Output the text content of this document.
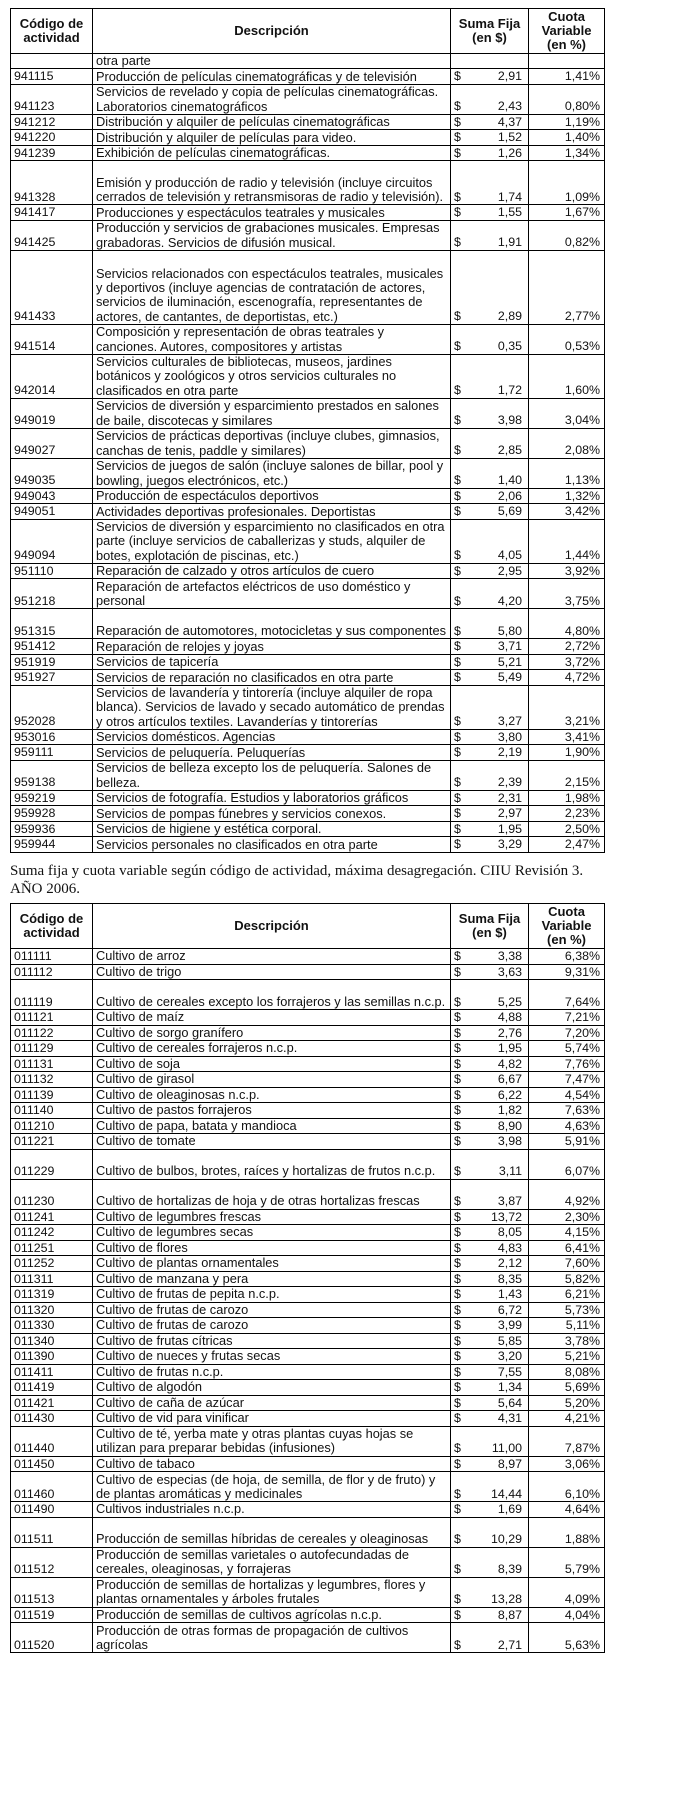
Código de actividad	Descripción	Suma Fija (en $)		Cuota Variable (en %)
	otra parte			
941115	Producción de películas cinematográficas y de televisión	$	2,91	1,41%
941123	Servicios de revelado y copia de películas cinematográficas. Laboratorios cinematográficos	$	2,43	0,80%
941212	Distribución y alquiler de películas cinematográficas	$	4,37	1,19%
941220	Distribución y alquiler de películas para video.	$	1,52	1,40%
941239	Exhibición de películas cinematográficas.	$	1,26	1,34%
941328	Emisión y producción de radio y televisión (incluye circuitos cerrados de televisión y retransmisoras de radio y televisión).	$	1,74	1,09%
941417	Producciones y espectáculos teatrales y musicales	$	1,55	1,67%
941425	Producción y servicios de grabaciones musicales. Empresas grabadoras. Servicios de difusión musical.	$	1,91	0,82%
941433	Servicios relacionados con espectáculos teatrales, musicales y deportivos (incluye agencias de contratación de actores, servicios de iluminación, escenografía, representantes de actores, de cantantes, de deportistas, etc.)	$	2,89	2,77%
941514	Composición y representación de obras teatrales y canciones. Autores, compositores y artistas	$	0,35	0,53%
942014	Servicios culturales de bibliotecas, museos, jardines botánicos y zoológicos y otros servicios culturales no clasificados en otra parte	$	1,72	1,60%
949019	Servicios de diversión y esparcimiento prestados en salones de baile, discotecas y similares	$	3,98	3,04%
949027	Servicios de prácticas deportivas (incluye clubes, gimnasios, canchas de tenis, paddle y similares)	$	2,85	2,08%
949035	Servicios de juegos de salón (incluye salones de billar, pool y bowling, juegos electrónicos, etc.)	$	1,40	1,13%
949043	Producción de espectáculos deportivos	$	2,06	1,32%
949051	Actividades deportivas profesionales. Deportistas	$	5,69	3,42%
949094	Servicios de diversión y esparcimiento no clasificados en otra parte (incluye servicios de caballerizas y studs, alquiler de botes, explotación de piscinas, etc.)	$	4,05	1,44%
951110	Reparación de calzado y otros artículos de cuero	$	2,95	3,92%
951218	Reparación de artefactos eléctricos de uso doméstico y personal	$	4,20	3,75%
951315	Reparación de automotores, motocicletas y sus componentes	$	5,80	4,80%
951412	Reparación de relojes y joyas	$	3,71	2,72%
951919	Servicios de tapicería	$	5,21	3,72%
951927	Servicios de reparación no clasificados en otra parte	$	5,49	4,72%
952028	Servicios de lavandería y tintorería (incluye alquiler de ropa blanca). Servicios de lavado y secado automático de prendas y otros artículos textiles. Lavanderías y tintorerías	$	3,27	3,21%
953016	Servicios domésticos. Agencias	$	3,80	3,41%
959111	Servicios de peluquería. Peluquerías	$	2,19	1,90%
959138	Servicios de belleza excepto los de peluquería. Salones de belleza.	$	2,39	2,15%
959219	Servicios de fotografía. Estudios y laboratorios gráficos	$	2,31	1,98%
959928	Servicios de pompas fúnebres y servicios conexos.	$	2,97	2,23%
959936	Servicios de higiene y estética corporal.	$	1,95	2,50%
959944	Servicios personales no clasificados en otra parte	$	3,29	2,47%
Suma fija y cuota variable según código de actividad, máxima desagregación. CIIU Revisión 3. AÑO 2006.
Código de actividad	Descripción	Suma Fija (en $)		Cuota Variable (en %)
011111	Cultivo de arroz	$	3,38	6,38%
011112	Cultivo de trigo	$	3,63	9,31%
011119	Cultivo de cereales excepto los forrajeros y las semillas n.c.p.	$	5,25	7,64%
011121	Cultivo de maíz	$	4,88	7,21%
011122	Cultivo de sorgo granífero	$	2,76	7,20%
011129	Cultivo de cereales forrajeros n.c.p.	$	1,95	5,74%
011131	Cultivo de soja	$	4,82	7,76%
011132	Cultivo de girasol	$	6,67	7,47%
011139	Cultivo de oleaginosas n.c.p.	$	6,22	4,54%
011140	Cultivo de pastos forrajeros	$	1,82	7,63%
011210	Cultivo de papa, batata y mandioca	$	8,90	4,63%
011221	Cultivo de tomate	$	3,98	5,91%
011229	Cultivo de bulbos, brotes, raíces y hortalizas de frutos n.c.p.	$	3,11	6,07%
011230	Cultivo de hortalizas de hoja y de otras hortalizas frescas	$	3,87	4,92%
011241	Cultivo de legumbres frescas	$	13,72	2,30%
011242	Cultivo de legumbres secas	$	8,05	4,15%
011251	Cultivo de flores	$	4,83	6,41%
011252	Cultivo de plantas ornamentales	$	2,12	7,60%
011311	Cultivo de manzana y pera	$	8,35	5,82%
011319	Cultivo de frutas de pepita n.c.p.	$	1,43	6,21%
011320	Cultivo de frutas de carozo	$	6,72	5,73%
011330	Cultivo de frutas de carozo	$	3,99	5,11%
011340	Cultivo de frutas cítricas	$	5,85	3,78%
011390	Cultivo de nueces y frutas secas	$	3,20	5,21%
011411	Cultivo de frutas n.c.p.	$	7,55	8,08%
011419	Cultivo de algodón	$	1,34	5,69%
011421	Cultivo de caña de azúcar	$	5,64	5,20%
011430	Cultivo de vid para vinificar	$	4,31	4,21%
011440	Cultivo de té, yerba mate y otras plantas cuyas hojas se utilizan para preparar bebidas (infusiones)	$	11,00	7,87%
011450	Cultivo de tabaco	$	8,97	3,06%
011460	Cultivo de especias (de hoja, de semilla, de flor y de fruto) y de plantas aromáticas y medicinales	$	14,44	6,10%
011490	Cultivos industriales n.c.p.	$	1,69	4,64%
011511	Producción de semillas híbridas de cereales y oleaginosas	$	10,29	1,88%
011512	Producción de semillas varietales o autofecundadas de cereales, oleaginosas, y forrajeras	$	8,39	5,79%
011513	Producción de semillas de hortalizas y legumbres, flores y plantas ornamentales y árboles frutales	$	13,28	4,09%
011519	Producción de semillas de cultivos agrícolas n.c.p.	$	8,87	4,04%
011520	Producción de otras formas de propagación de cultivos agrícolas	$	2,71	5,63%
